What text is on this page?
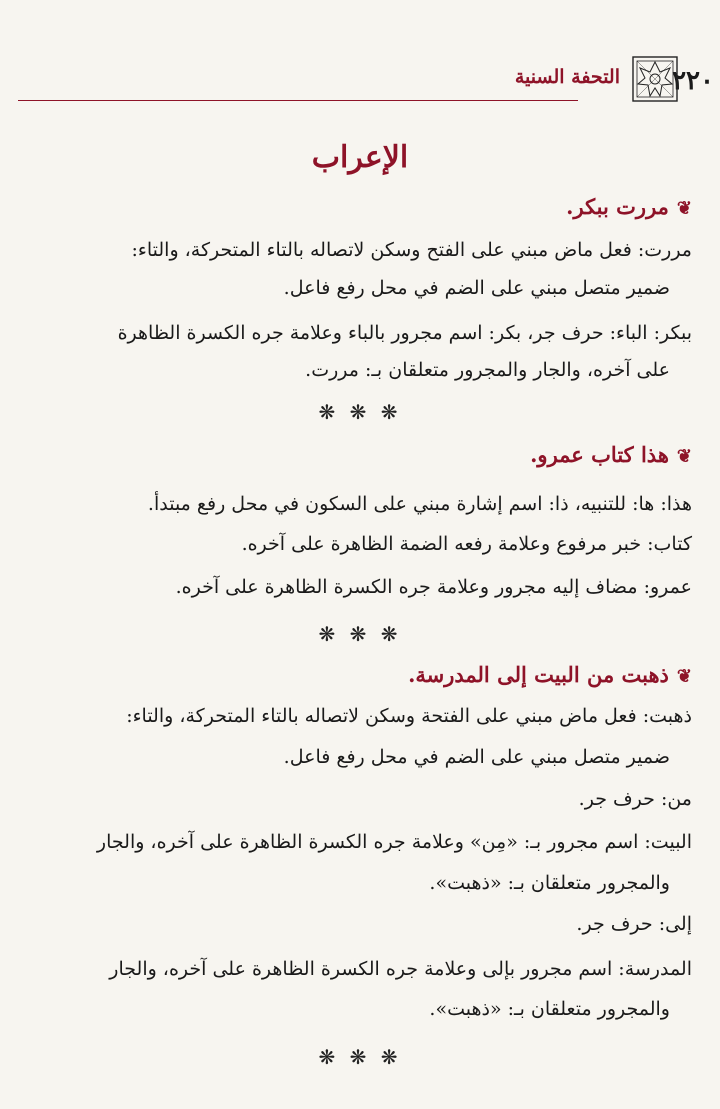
٢٢٠
التحفة السنية
الإعراب
❦مررت ببكر.
مررت: فعل ماض مبني على الفتح وسكن لاتصاله بالتاء المتحركة، والتاء:
ضمير متصل مبني على الضم في محل رفع فاعل.
ببكر: الباء: حرف جر، بكر: اسم مجرور بالباء وعلامة جره الكسرة الظاهرة
على آخره، والجار والمجرور متعلقان بـ: مررت.
❋ ❋ ❋
❦هذا كتاب عمرو.
هذا: ها: للتنبيه، ذا: اسم إشارة مبني على السكون في محل رفع مبتدأ.
كتاب: خبر مرفوع وعلامة رفعه الضمة الظاهرة على آخره.
عمرو: مضاف إليه مجرور وعلامة جره الكسرة الظاهرة على آخره.
❋ ❋ ❋
❦ذهبت من البيت إلى المدرسة.
ذهبت: فعل ماض مبني على الفتحة وسكن لاتصاله بالتاء المتحركة، والتاء:
ضمير متصل مبني على الضم في محل رفع فاعل.
من: حرف جر.
البيت: اسم مجرور بـ: «مِن» وعلامة جره الكسرة الظاهرة على آخره، والجار
والمجرور متعلقان بـ: «ذهبت».
إلى: حرف جر.
المدرسة: اسم مجرور بإلى وعلامة جره الكسرة الظاهرة على آخره، والجار
والمجرور متعلقان بـ: «ذهبت».
❋ ❋ ❋
